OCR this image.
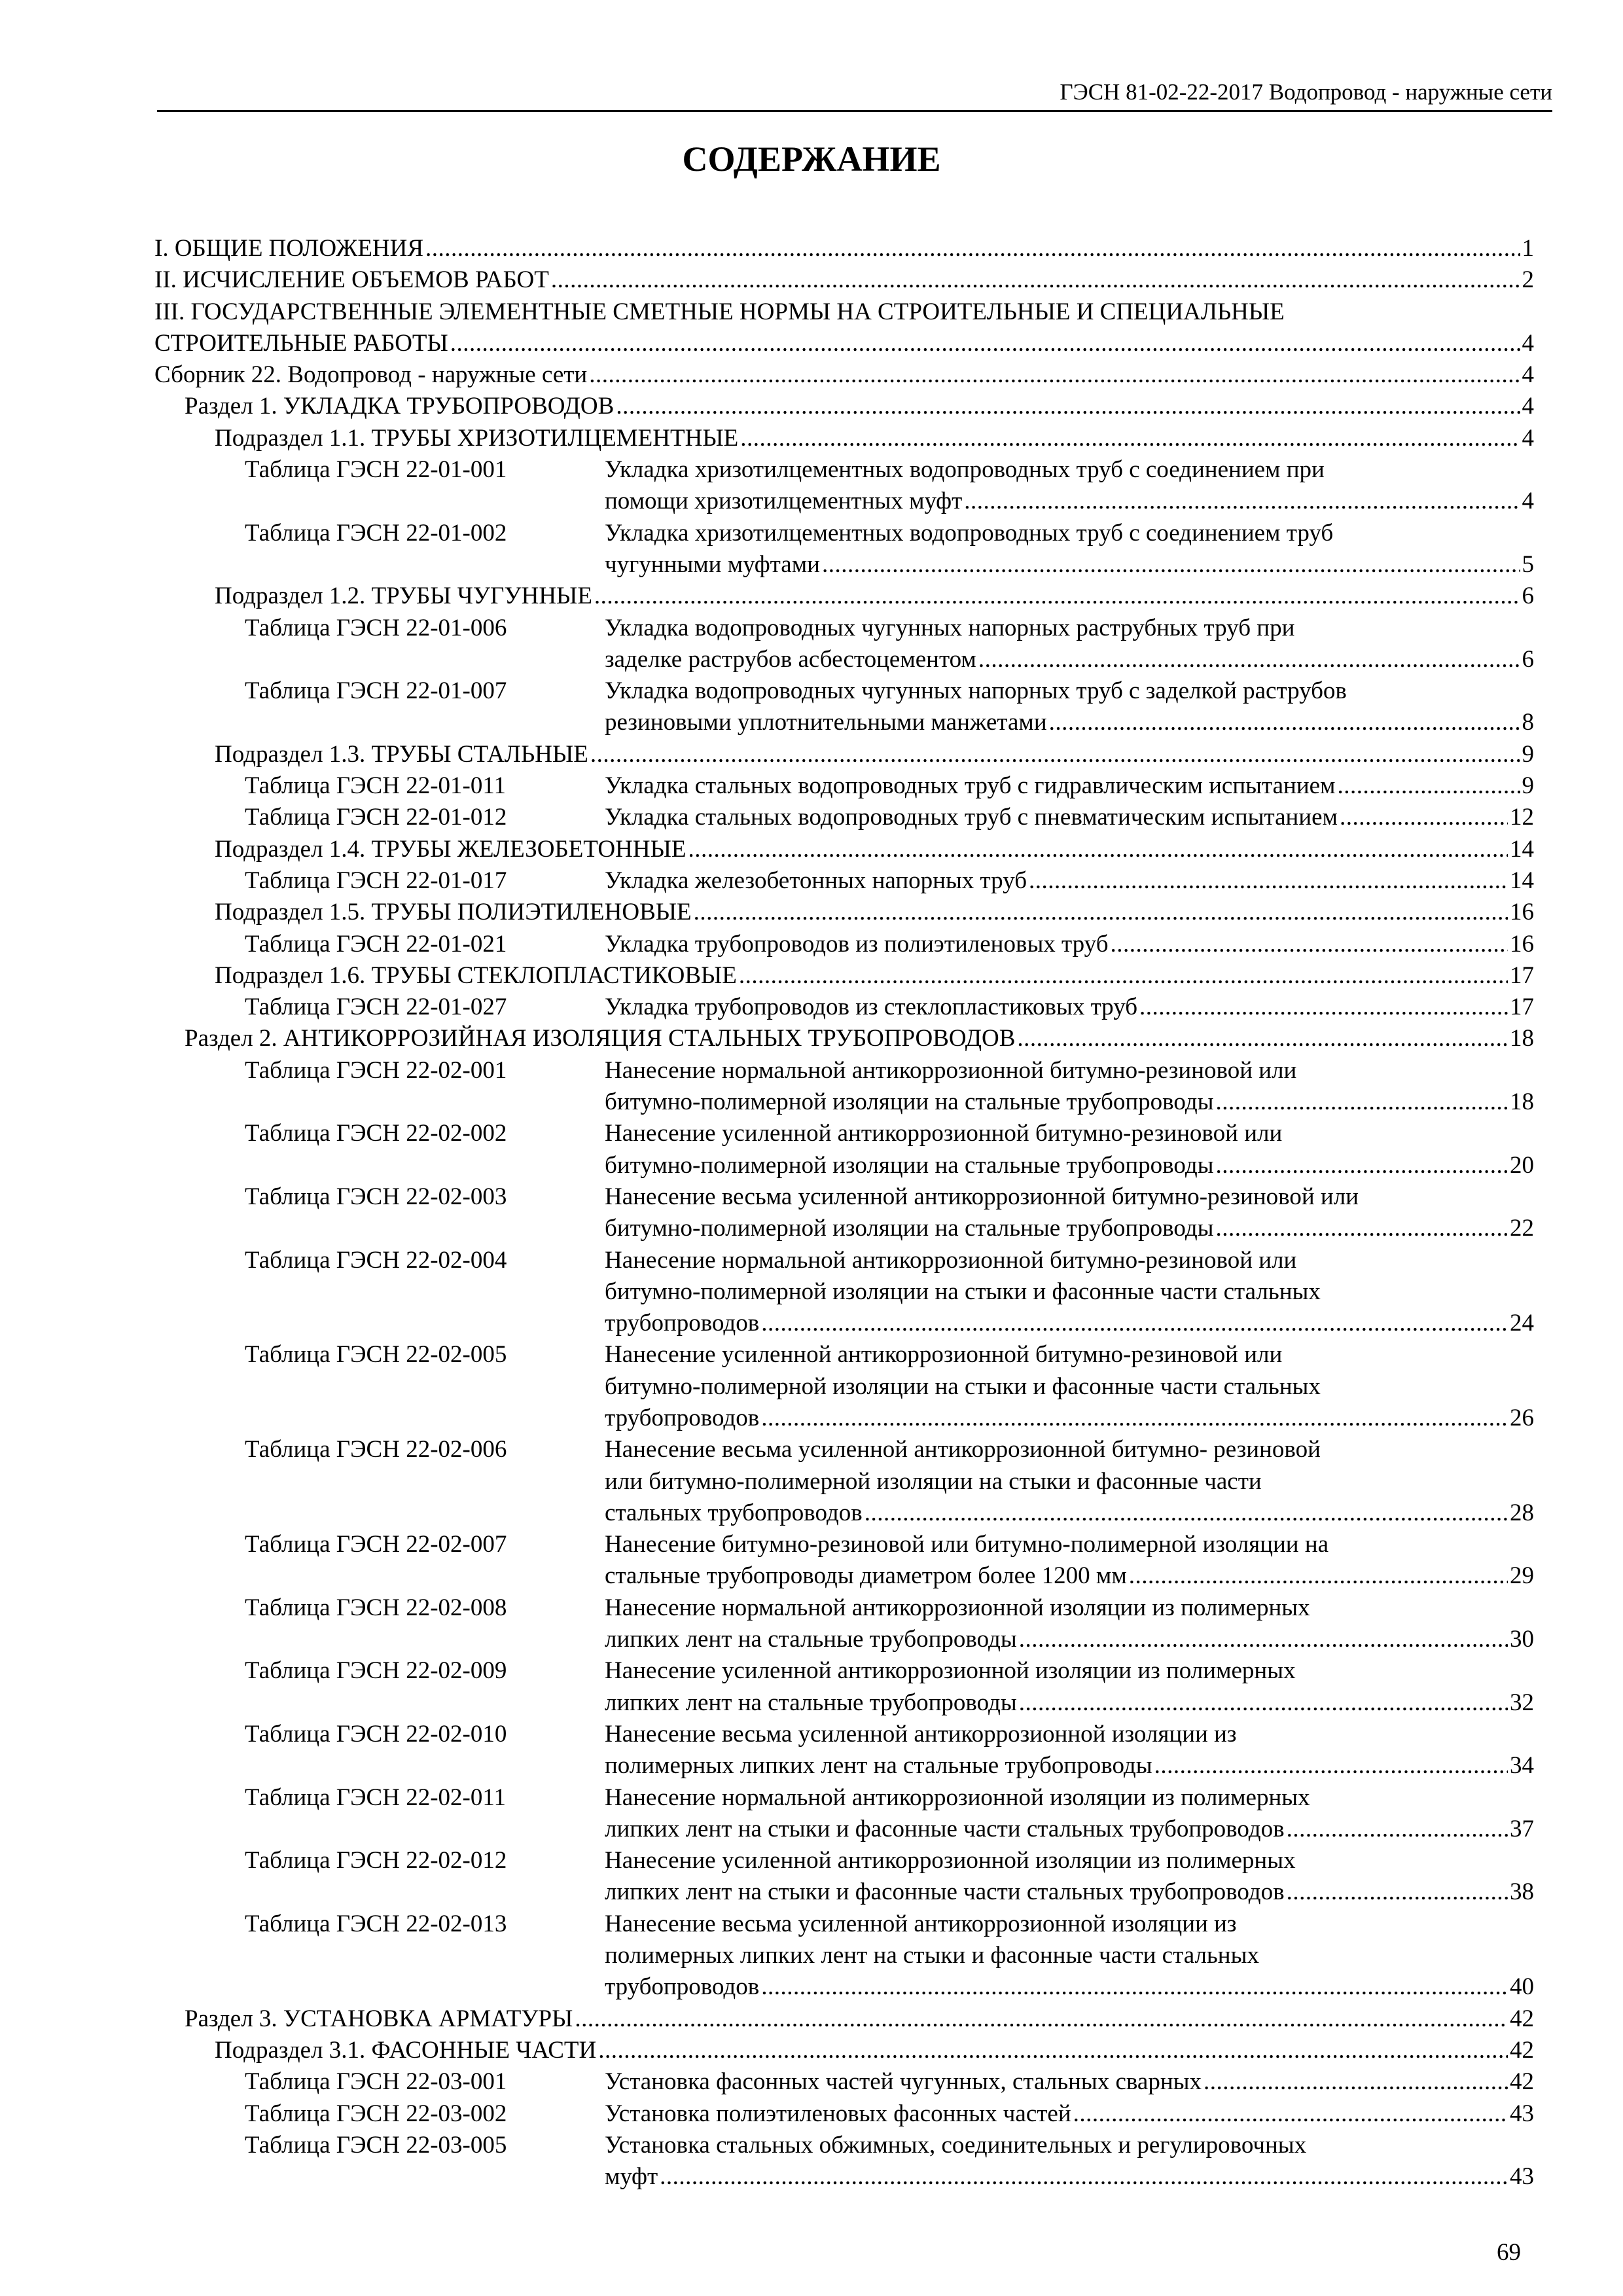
ГЭСН 81-02-22-2017 Водопровод - наружные сети
СОДЕРЖАНИЕ
I. ОБЩИЕ ПОЛОЖЕНИЯ .....	1
II. ИСЧИСЛЕНИЕ ОБЪЕМОВ РАБОТ .....	2
III. ГОСУДАРСТВЕННЫЕ ЭЛЕМЕНТНЫЕ СМЕТНЫЕ НОРМЫ НА СТРОИТЕЛЬНЫЕ И СПЕЦИАЛЬНЫЕ
СТРОИТЕЛЬНЫЕ РАБОТЫ .....	4
Сборник 22. Водопровод - наружные сети .....	4
Раздел 1. УКЛАДКА ТРУБОПРОВОДОВ .....	4
Подраздел 1.1. ТРУБЫ ХРИЗОТИЛЦЕМЕНТНЫЕ .....	4
Таблица ГЭСН 22-01-001	Укладка хризотилцементных водопроводных труб с соединением при
помощи хризотилцементных муфт .....	4
Таблица ГЭСН 22-01-002	Укладка хризотилцементных водопроводных труб с соединением труб
чугунными муфтами .....	5
Подраздел 1.2. ТРУБЫ ЧУГУННЫЕ .....	6
Таблица ГЭСН 22-01-006	Укладка водопроводных чугунных напорных раструбных труб при
заделке раструбов асбестоцементом .....	6
Таблица ГЭСН 22-01-007	Укладка водопроводных чугунных напорных труб с заделкой раструбов
резиновыми уплотнительными манжетами .....	8
Подраздел 1.3. ТРУБЫ СТАЛЬНЫЕ .....	9
Таблица ГЭСН 22-01-011	Укладка стальных водопроводных труб с гидравлическим испытанием .....	9
Таблица ГЭСН 22-01-012	Укладка стальных водопроводных труб с пневматическим испытанием .....	12
Подраздел 1.4. ТРУБЫ ЖЕЛЕЗОБЕТОННЫЕ .....	14
Таблица ГЭСН 22-01-017	Укладка железобетонных напорных труб .....	14
Подраздел 1.5. ТРУБЫ ПОЛИЭТИЛЕНОВЫЕ .....	16
Таблица ГЭСН 22-01-021	Укладка трубопроводов из полиэтиленовых труб .....	16
Подраздел 1.6. ТРУБЫ СТЕКЛОПЛАСТИКОВЫЕ .....	17
Таблица ГЭСН 22-01-027	Укладка трубопроводов из стеклопластиковых труб .....	17
Раздел 2. АНТИКОРРОЗИЙНАЯ ИЗОЛЯЦИЯ СТАЛЬНЫХ ТРУБОПРОВОДОВ .....	18
Таблица ГЭСН 22-02-001	Нанесение нормальной антикоррозионной битумно-резиновой или
битумно-полимерной изоляции на стальные трубопроводы .....	18
Таблица ГЭСН 22-02-002	Нанесение усиленной антикоррозионной битумно-резиновой или
битумно-полимерной изоляции на стальные трубопроводы .....	20
Таблица ГЭСН 22-02-003	Нанесение весьма усиленной антикоррозионной битумно-резиновой или
битумно-полимерной изоляции на стальные трубопроводы .....	22
Таблица ГЭСН 22-02-004	Нанесение нормальной антикоррозионной битумно-резиновой или
битумно-полимерной изоляции на стыки и фасонные части стальных
трубопроводов .....	24
Таблица ГЭСН 22-02-005	Нанесение усиленной антикоррозионной битумно-резиновой или
битумно-полимерной изоляции на стыки и фасонные части стальных
трубопроводов .....	26
Таблица ГЭСН 22-02-006	Нанесение весьма усиленной антикоррозионной битумно- резиновой
или битумно-полимерной изоляции на стыки и фасонные части
стальных трубопроводов .....	28
Таблица ГЭСН 22-02-007	Нанесение битумно-резиновой или битумно-полимерной изоляции на
стальные трубопроводы диаметром более 1200 мм .....	29
Таблица ГЭСН 22-02-008	Нанесение нормальной антикоррозионной изоляции из полимерных
липких лент на стальные трубопроводы .....	30
Таблица ГЭСН 22-02-009	Нанесение усиленной антикоррозионной изоляции из полимерных
липких лент на стальные трубопроводы .....	32
Таблица ГЭСН 22-02-010	Нанесение весьма усиленной антикоррозионной изоляции из
полимерных липких лент на стальные трубопроводы .....	34
Таблица ГЭСН 22-02-011	Нанесение нормальной антикоррозионной изоляции из полимерных
липких лент на стыки и фасонные части стальных трубопроводов .....	37
Таблица ГЭСН 22-02-012	Нанесение усиленной антикоррозионной изоляции из полимерных
липких лент на стыки и фасонные части стальных трубопроводов .....	38
Таблица ГЭСН 22-02-013	Нанесение весьма усиленной антикоррозионной изоляции из
полимерных липких лент на стыки и фасонные части стальных
трубопроводов .....	40
Раздел 3. УСТАНОВКА АРМАТУРЫ .....	42
Подраздел 3.1. ФАСОННЫЕ ЧАСТИ .....	42
Таблица ГЭСН 22-03-001	Установка фасонных частей чугунных, стальных сварных .....	42
Таблица ГЭСН 22-03-002	Установка полиэтиленовых фасонных частей .....	43
Таблица ГЭСН 22-03-005	Установка стальных обжимных, соединительных и регулировочных
муфт .....	43
69
